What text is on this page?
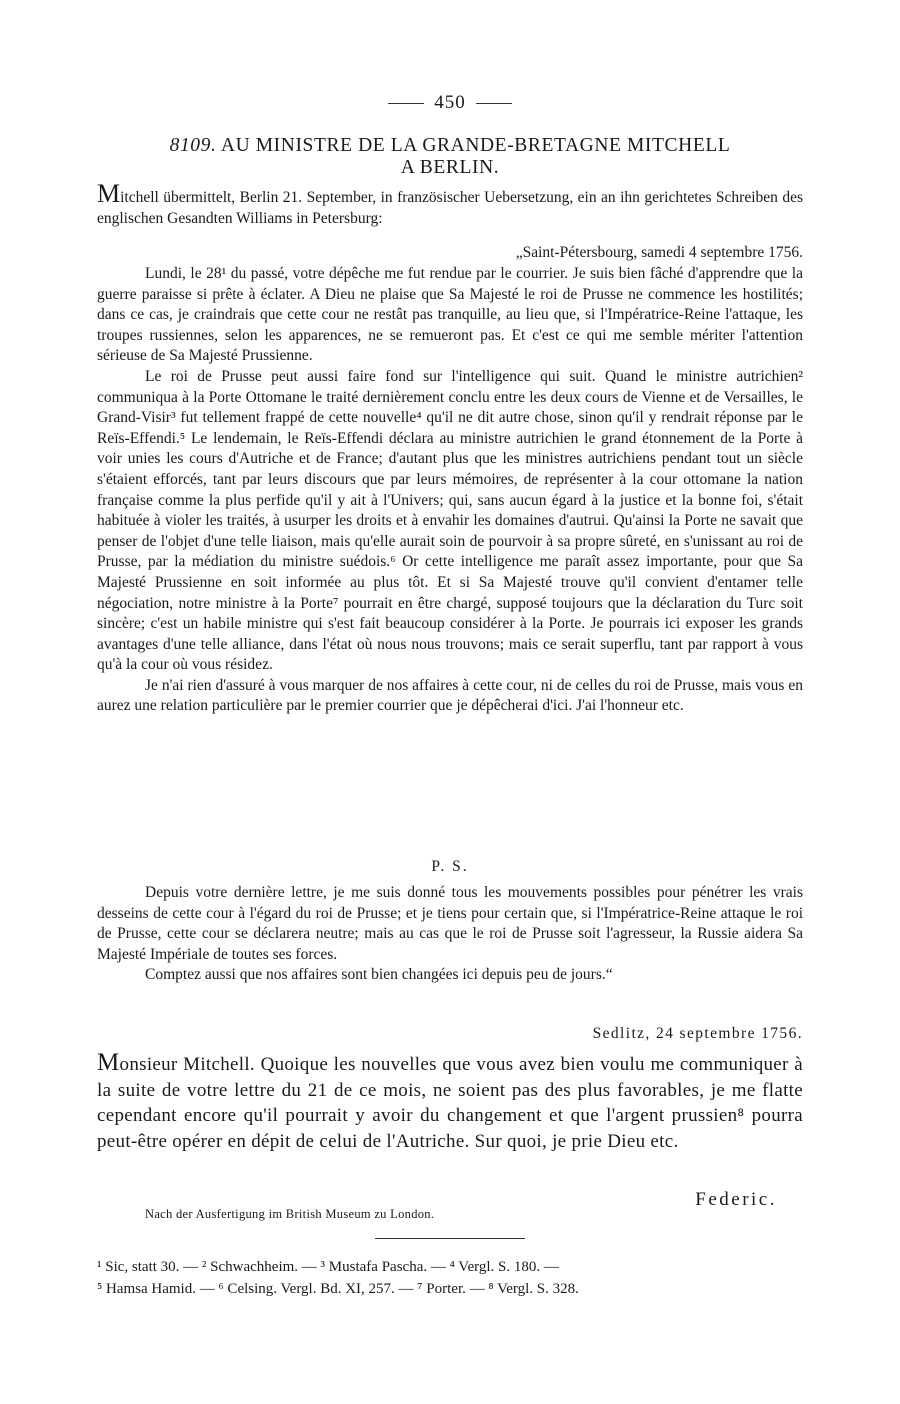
450
8109. AU MINISTRE DE LA GRANDE-BRETAGNE MITCHELL
A BERLIN.
Mitchell übermittelt, Berlin 21. September, in französischer Uebersetzung, ein an ihn gerichtetes Schreiben des englischen Gesandten Williams in Petersburg:
„Saint-Pétersbourg, samedi 4 septembre 1756.

Lundi, le 28¹ du passé, votre dépêche me fut rendue par le courrier. Je suis bien fâché d'apprendre que la guerre paraisse si prête à éclater. A Dieu ne plaise que Sa Majesté le roi de Prusse ne commence les hostilités; dans ce cas, je craindrais que cette cour ne restât pas tranquille, au lieu que, si l'Impératrice-Reine l'attaque, les troupes russiennes, selon les apparences, ne se remueront pas. Et c'est ce qui me semble mériter l'attention sérieuse de Sa Majesté Prussienne.

Le roi de Prusse peut aussi faire fond sur l'intelligence qui suit. Quand le ministre autrichien² communiqua à la Porte Ottomane le traité dernièrement conclu entre les deux cours de Vienne et de Versailles, le Grand-Visir³ fut tellement frappé de cette nouvelle⁴ qu'il ne dit autre chose, sinon qu'il y rendrait réponse par le Reïs-Effendi.⁵ Le lendemain, le Reïs-Effendi déclara au ministre autrichien le grand étonnement de la Porte à voir unies les cours d'Autriche et de France; d'autant plus que les ministres autrichiens pendant tout un siècle s'étaient efforcés, tant par leurs discours que par leurs mémoires, de représenter à la cour ottomane la nation française comme la plus perfide qu'il y ait à l'Univers; qui, sans aucun égard à la justice et la bonne foi, s'était habituée à violer les traités, à usurper les droits et à envahir les domaines d'autrui. Qu'ainsi la Porte ne savait que penser de l'objet d'une telle liaison, mais qu'elle aurait soin de pourvoir à sa propre sûreté, en s'unissant au roi de Prusse, par la médiation du ministre suédois.⁶ Or cette intelligence me paraît assez importante, pour que Sa Majesté Prussienne en soit informée au plus tôt. Et si Sa Majesté trouve qu'il convient d'entamer telle négociation, notre ministre à la Porte⁷ pourrait en être chargé, supposé toujours que la déclaration du Turc soit sincère; c'est un habile ministre qui s'est fait beaucoup considérer à la Porte. Je pourrais ici exposer les grands avantages d'une telle alliance, dans l'état où nous nous trouvons; mais ce serait superflu, tant par rapport à vous qu'à la cour où vous résidez.

Je n'ai rien d'assuré à vous marquer de nos affaires à cette cour, ni de celles du roi de Prusse, mais vous en aurez une relation particulière par le premier courrier que je dépêcherai d'ici. J'ai l'honneur etc.

P. S.

Depuis votre dernière lettre, je me suis donné tous les mouvements possibles pour pénétrer les vrais desseins de cette cour à l'égard du roi de Prusse; et je tiens pour certain que, si l'Impératrice-Reine attaque le roi de Prusse, cette cour se déclarera neutre; mais au cas que le roi de Prusse soit l'agresseur, la Russie aidera Sa Majesté Impériale de toutes ses forces.

Comptez aussi que nos affaires sont bien changées ici depuis peu de jours.“

Sedlitz, 24 septembre 1756.
Monsieur Mitchell. Quoique les nouvelles que vous avez bien voulu me communiquer à la suite de votre lettre du 21 de ce mois, ne soient pas des plus favorables, je me flatte cependant encore qu'il pourrait y avoir du changement et que l'argent prussien⁸ pourra peut-être opérer en dépit de celui de l'Autriche. Sur quoi, je prie Dieu etc.
Federic.
Nach der Ausfertigung im British Museum zu London.
¹ Sic, statt 30. — ² Schwachheim. — ³ Mustafa Pascha. — ⁴ Vergl. S. 180. —
⁵ Hamsa Hamid. — ⁶ Celsing. Vergl. Bd. XI, 257. — ⁷ Porter. — ⁸ Vergl. S. 328.
